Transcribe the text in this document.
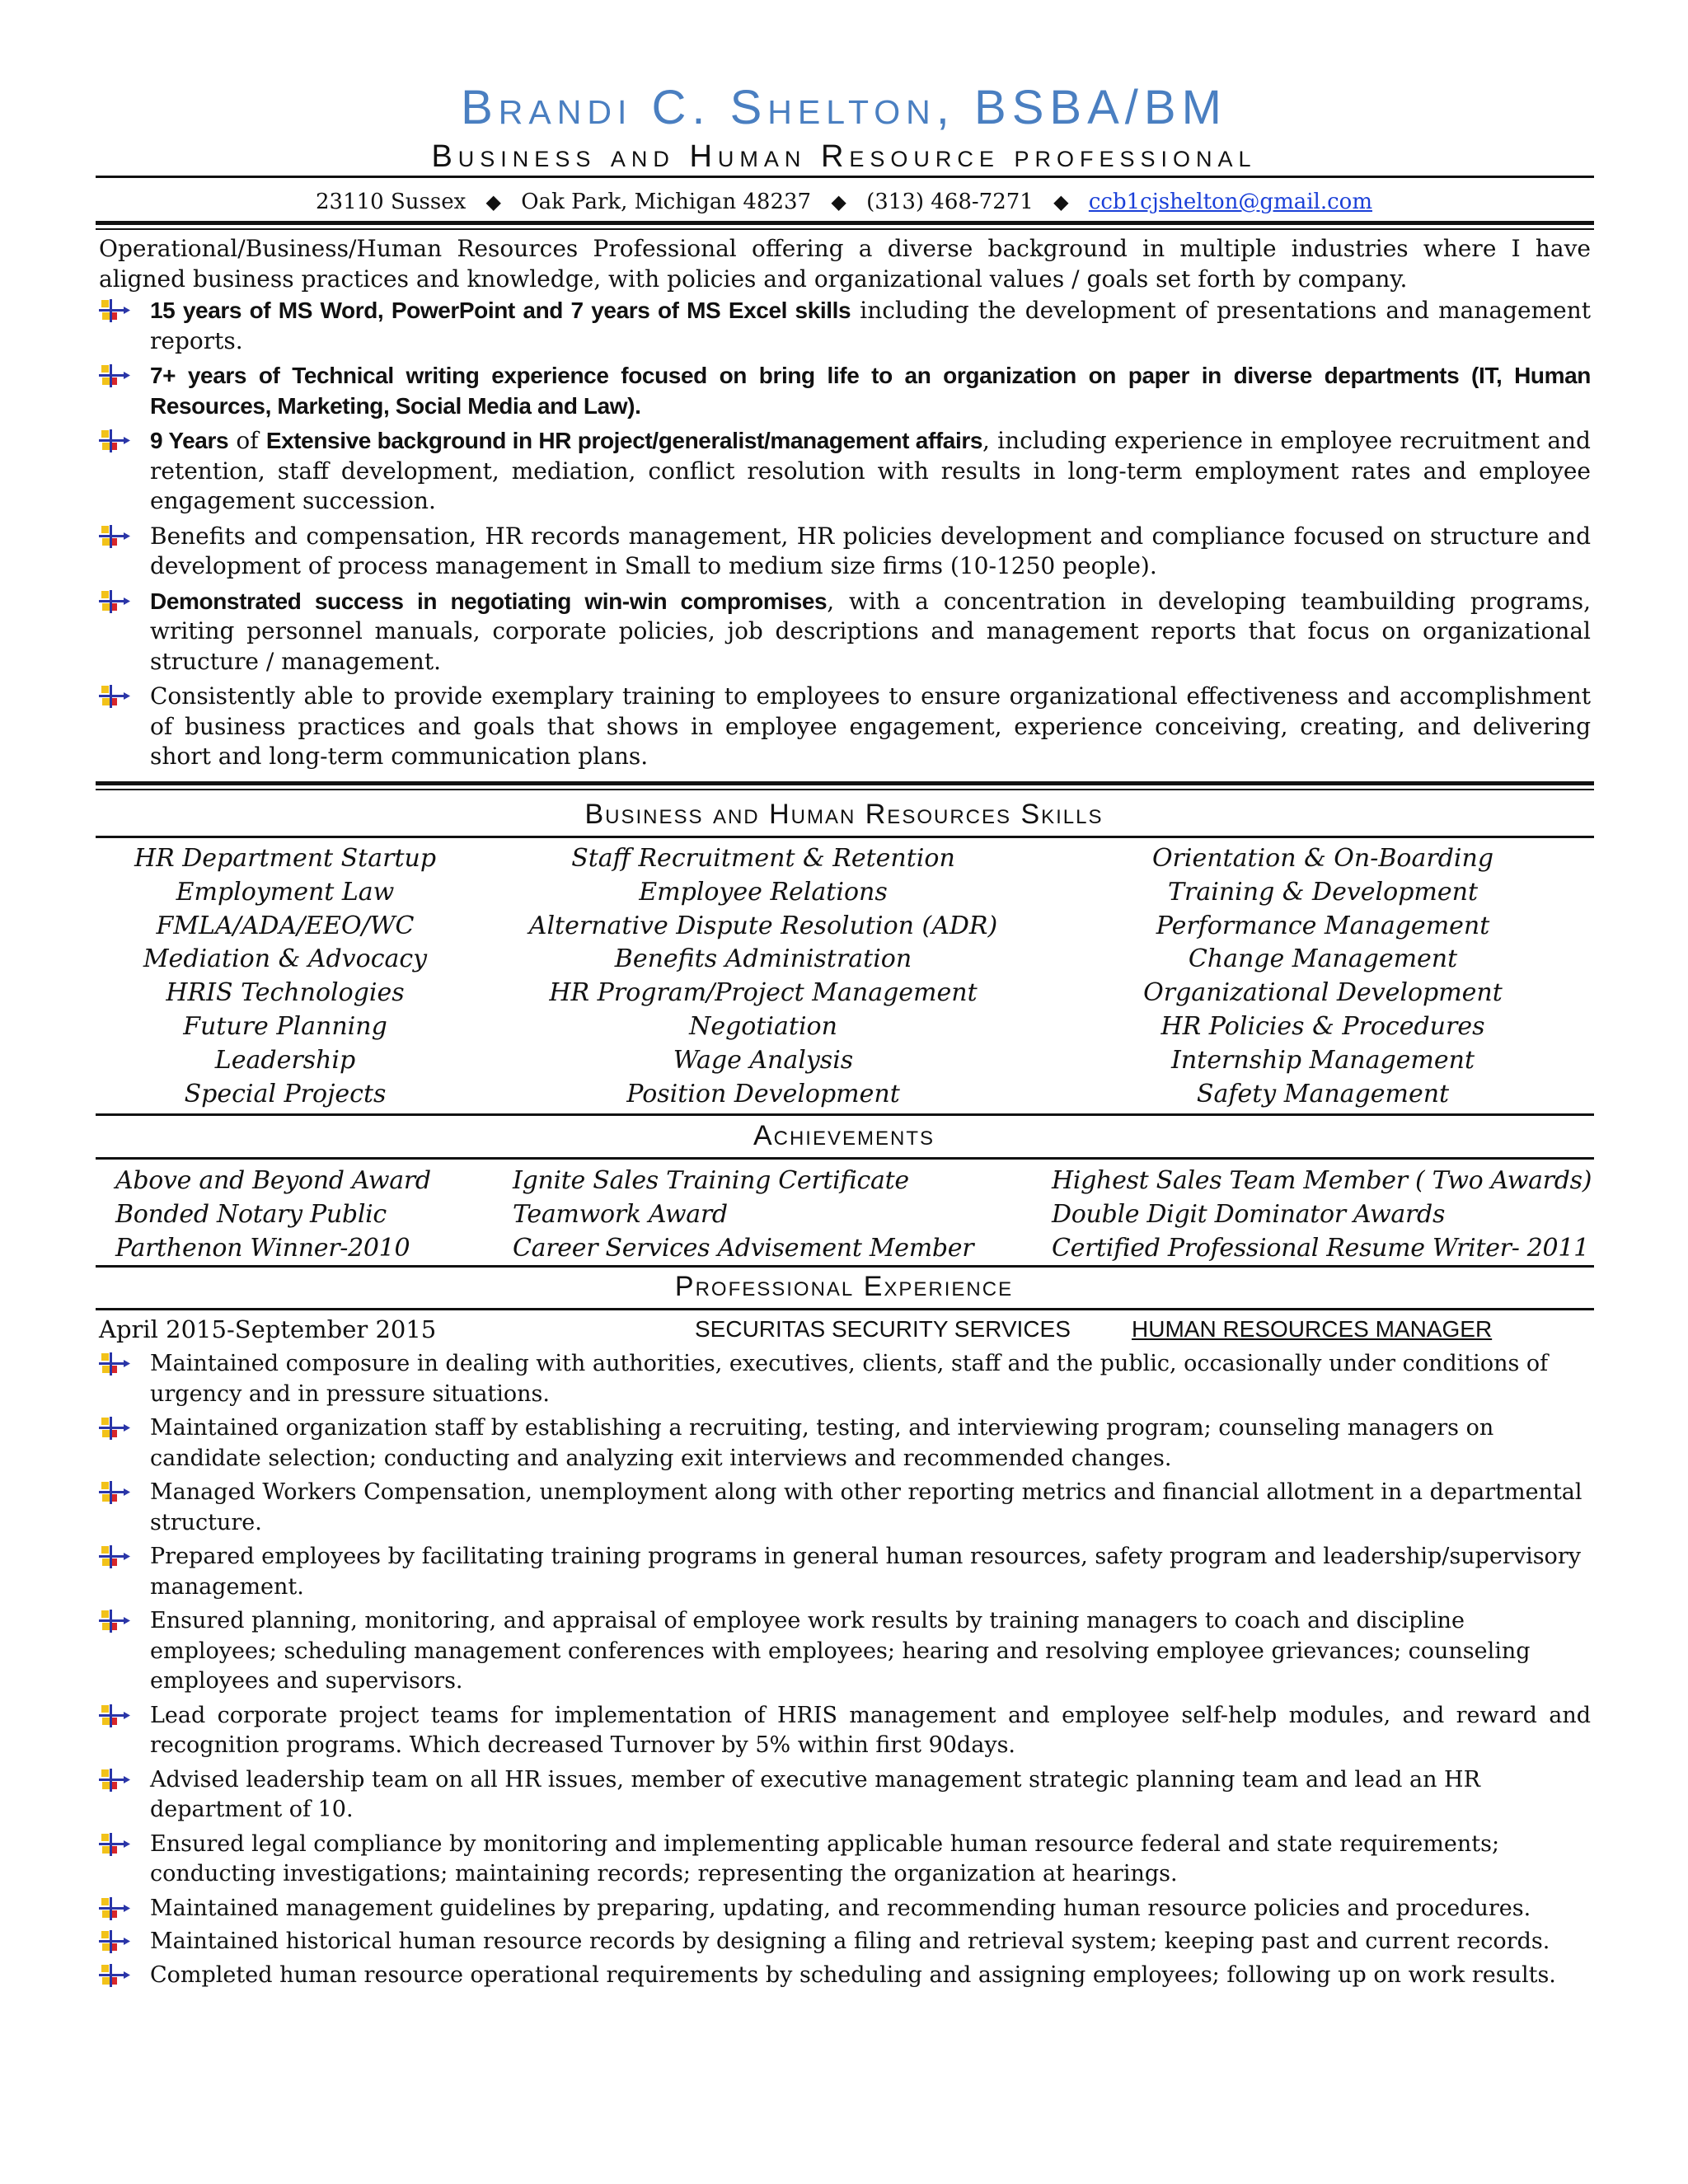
Brandi C. Shelton, BSBA/BM
Business and Human Resource professional
23110 Sussex ◆ Oak Park, Michigan 48237 ◆ (313) 468-7271 ◆ ccb1cjshelton@gmail.com
Operational/Business/Human Resources Professional offering a diverse background in multiple industries where I have aligned business practices and knowledge, with policies and organizational values / goals set forth by company.
15 years of MS Word, PowerPoint and 7 years of MS Excel skills including the development of presentations and management reports.
7+ years of Technical writing experience focused on bring life to an organization on paper in diverse departments (IT, Human Resources, Marketing, Social Media and Law).
9 Years of Extensive background in HR project/generalist/management affairs, including experience in employee recruitment and retention, staff development, mediation, conflict resolution with results in long-term employment rates and employee engagement succession.
Benefits and compensation, HR records management, HR policies development and compliance focused on structure and development of process management in Small to medium size firms (10-1250 people).
Demonstrated success in negotiating win-win compromises, with a concentration in developing teambuilding programs, writing personnel manuals, corporate policies, job descriptions and management reports that focus on organizational structure / management.
Consistently able to provide exemplary training to employees to ensure organizational effectiveness and accomplishment of business practices and goals that shows in employee engagement, experience conceiving, creating, and delivering short and long-term communication plans.
Business and Human Resources Skills
HR Department Startup	Staff Recruitment & Retention	Orientation & On-Boarding
Employment Law	Employee Relations	Training & Development
FMLA/ADA/EEO/WC	Alternative Dispute Resolution (ADR)	Performance Management
Mediation & Advocacy	Benefits Administration	Change Management
HRIS Technologies	HR Program/Project Management	Organizational Development
Future Planning	Negotiation	HR Policies & Procedures
Leadership	Wage Analysis	Internship Management
Special Projects	Position Development	Safety Management
Achievements
Above and Beyond Award	Ignite Sales Training Certificate	Highest Sales Team Member ( Two Awards)
Bonded Notary Public	Teamwork Award	Double Digit Dominator Awards
Parthenon Winner-2010	Career Services Advisement Member	Certified Professional Resume Writer- 2011
Professional Experience
April 2015-September 2015	SECURITAS SECURITY SERVICES	HUMAN RESOURCES MANAGER
Maintained composure in dealing with authorities, executives, clients, staff and the public, occasionally under conditions of urgency and in pressure situations.
Maintained organization staff by establishing a recruiting, testing, and interviewing program; counseling managers on candidate selection; conducting and analyzing exit interviews and recommended changes.
Managed Workers Compensation, unemployment along with other reporting metrics and financial allotment in a departmental structure.
Prepared employees by facilitating training programs in general human resources, safety program and leadership/supervisory management.
Ensured planning, monitoring, and appraisal of employee work results by training managers to coach and discipline employees; scheduling management conferences with employees; hearing and resolving employee grievances; counseling employees and supervisors.
Lead corporate project teams for implementation of HRIS management and employee self-help modules, and reward and recognition programs. Which decreased Turnover by 5% within first 90days.
Advised leadership team on all HR issues, member of executive management strategic planning team and lead an HR department of 10.
Ensured legal compliance by monitoring and implementing applicable human resource federal and state requirements; conducting investigations; maintaining records; representing the organization at hearings.
Maintained management guidelines by preparing, updating, and recommending human resource policies and procedures.
Maintained historical human resource records by designing a filing and retrieval system; keeping past and current records.
Completed human resource operational requirements by scheduling and assigning employees; following up on work results.
